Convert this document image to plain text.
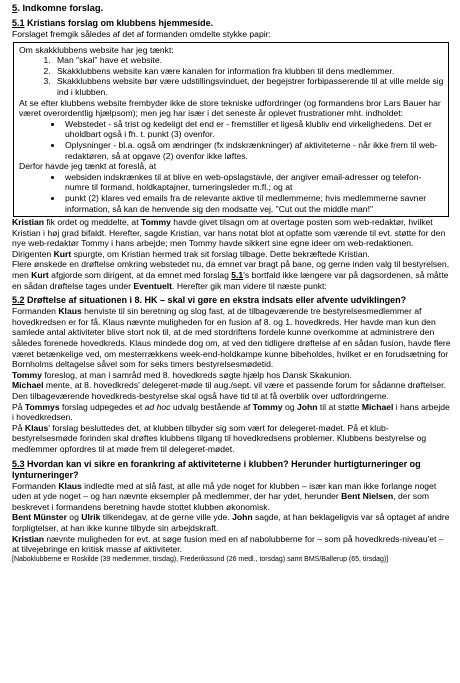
5. Indkomne forslag.

5.1 Kristians forslag om klubbens hjemmeside.

Forslaget fremgik således af det af formanden omdelte stykke papir:

Om skakklubbens website har jeg tænkt:

1. Man "skal" have et website.
2. Skakklubbens website kan være kanalen for information fra klubben til dens medlemmer.
3. Skakklubbens website bør være udstillingsvinduet, der begejstrer forbipasserende til at ville melde sig ind i klubben.

At se efter klubbens website frembyder ikke de store tekniske udfordringer (og formandens bror Lars Bauer har været overordentlig hjælpsom); men jeg har især i det seneste år oplevet frustrationer mht. indholdet:

• Webstedet - så trist og kedeligt det end er - fremstiller et ligeså klubliv end virkelighedens. Det er uholdbart også i fh. t. punkt (3) ovenfor.
• Oplysninger - bl.a. også om ændringer (fx indskrænkninger) af aktiviteterne - når ikke frem til web-redaktøren, så at opgave (2) ovenfor ikke løftes.

Derfor havde jeg tænkt at foreslå, at

• websiden indskrænkes til at blive en web-opslagstavle, der angiver email-adresser og telefon-numre til formand, holdkaptajner, turneringsleder m.fl.; og at
• punkt (2) klares ved emails fra de relevante aktive til medlemmerne; hvis medlemmerne savner information, så kan de henvende sig den modsatte vej. "Cut out the middle man!"

Kristian fik ordet og meddelte, at Tommy havde givet tilsagn om at overtage posten som web-redaktør, hvilket Kristian i høj grad bifaldt. Herefter, sagde Kristian, var hans notat blot at opfatte som værende til evt. støtte for den nye web-redaktør Tommy i hans arbejde; men Tommy havde sikkert sine egne ideer om web-redaktionen. Dirigenten Kurt spurgte, om Kristian hermed trak sit forslag tilbage. Dette bekræftede Kristian.

Flere ønskede en drøftelse omkring webstedet nu, da emnet var bragt på bane, og gerne inden valg til bestyrelsen, men Kurt afgjorde som dirigent, at da emnet med forslag 5.1's bortfald ikke længere var på dagsordenen, så måtte en sådan drøftelse tages under Eventuelt. Herefter gik man videre til næste punkt:

5.2 Drøftelse af situationen i 8. HK – skal vi gøre en ekstra indsats eller afvente udviklingen?

Formanden Klaus henviste til sin beretning og slog fast, at de tilbageværende tre bestyrelsesmedlemmer af hovedkredsen er for få. Klaus nævnte muligheden for en fusion af 8. og 1. hovedkreds. Her havde man kun den samlede antal aktiviteter blive stort nok til, at de med stordriftens fordele kunne overkomme at administrere den således forenede hovedkreds. Klaus mindede dog om, at ved den tidligere drøftelse af en sådan fusion, havde flere været betænkelige ved, om mesterrækkens week-end-holdkampe kunne bibeholdes, hvilket er en forudsætning for Bornholms deltagelse såvel som for seks timers bestyrelsesmødetid.

Tommy foreslog, at man i samråd med 8. hovedkreds søgte hjælp hos Dansk Skakunion.

Michael mente, at 8. hovedkreds' delegeret-møde til aug./sept. vil være et passende forum for sådanne drøftelser. Den tilbageværende hovedkreds-bestyrelse skal også have tid til at få overblik over udfordringerne.

På Tommys forslag udpegedes et ad hoc udvalg bestående af Tommy og John til at støtte Michael i hans arbejde i hovedkredsen.

På Klaus' forslag besluttedes det, at klubben tilbyder sig som vært for delegeret-mødet. På et klub-bestyrelsesmøde forinden skal drøftes klubbens tilgang til hovedkredsens problemer. Klubbens bestyrelse og medlemmer opfordres til at møde frem til delegeret-mødet.

5.3 Hvordan kan vi sikre en forankring af aktiviteterne i klubben? Herunder hurtigturneringer og lynturneringer?

Formanden Klaus indledte med at slå fast, at alle må yde noget for klubben – især kan man ikke forlange noget uden at yde noget – og han nævnte eksempler på medlemmer, der har ydet, herunder Bent Nielsen, der som beskrevet i formandens beretning havde stottet klubben økonomisk.

Bent Münster og Ulrik tilkendegav, at de gerne ville yde. John sagde, at han beklageligvis var så optaget af andre forpligtelser, at han ikke kunne tilbyde sin arbejdskraft.

Kristian nævnte muligheden for evt. at søge fusion med en af nabolubberne for – som på hovedkreds-niveau'et – at tilvejebringe en kritisk masse af aktiviteter.

[Naboklubberne er Roskilde (39 medlemmer, tirsdag), Frederikssund (26 medl., torsdag) samt BMS/Ballerup (65, tirsdag)]
